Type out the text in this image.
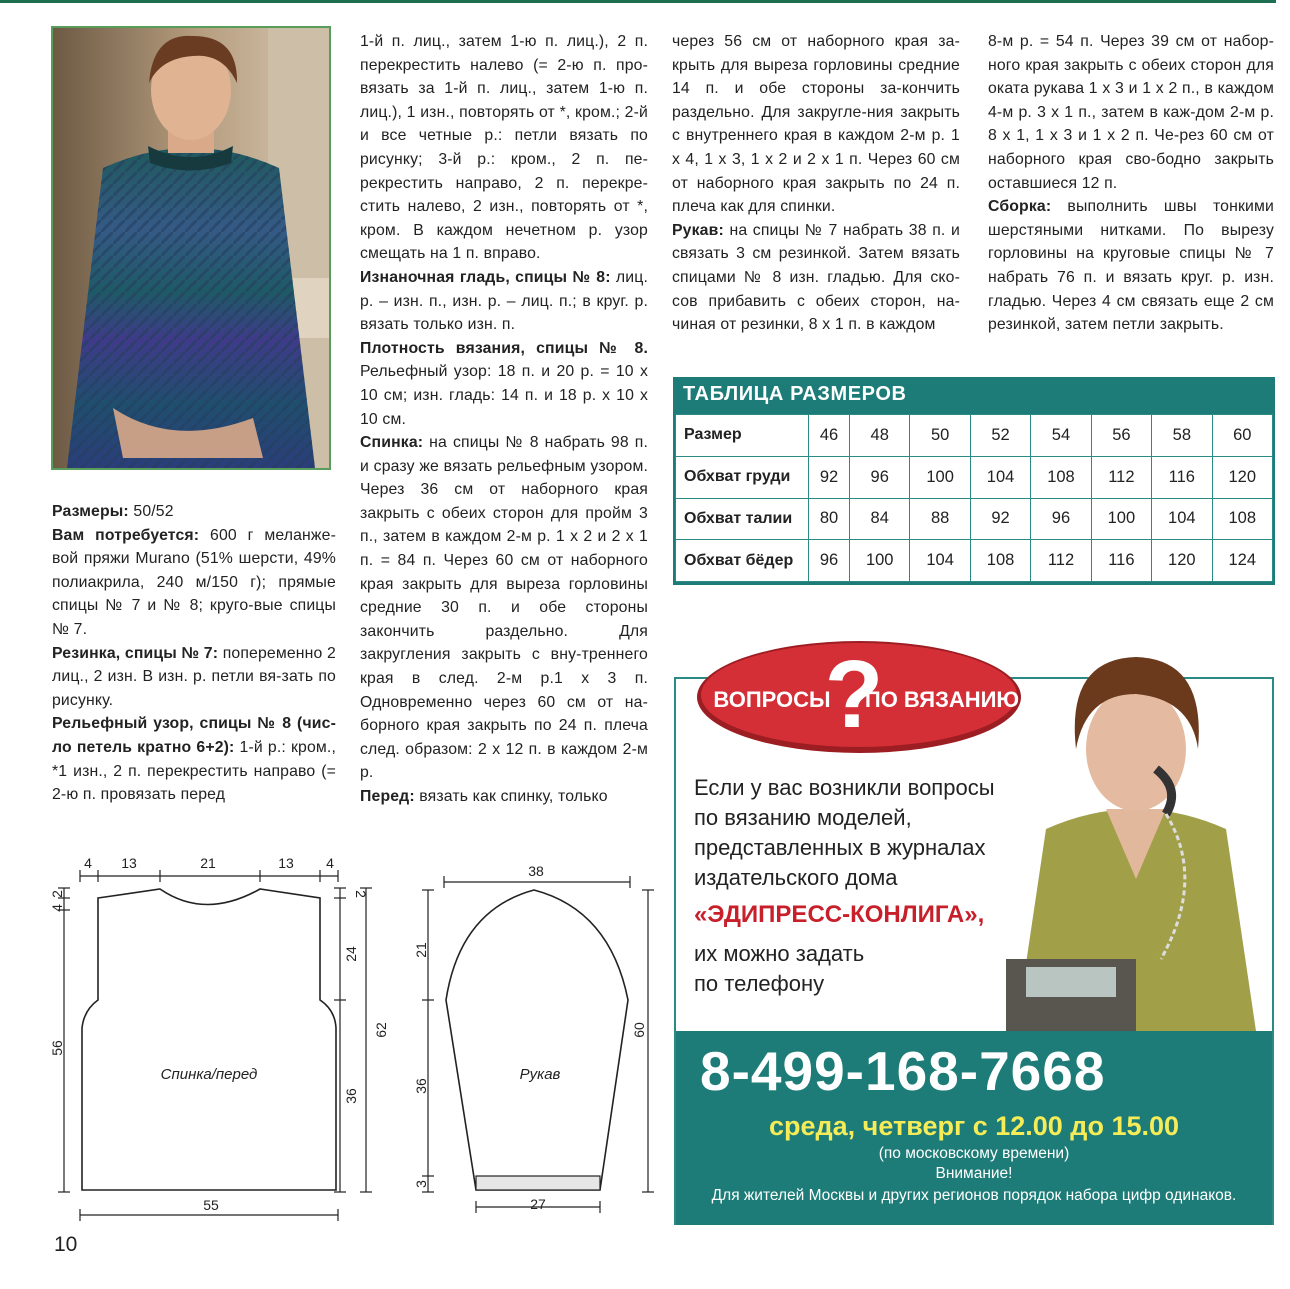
Размеры: 50/52

Вам потребуется: 600 г меланже-вой пряжи Murano (51% шерсти, 49% полиакрила, 240 м/150 г); прямые спицы № 7 и № 8; круго-вые спицы № 7.

Резинка, спицы № 7: попеременно 2 лиц., 2 изн. В изн. р. петли вя-зать по рисунку.

Рельефный узор, спицы № 8 (чис-ло петель кратно 6+2): 1-й р.: кром., *1 изн., 2 п. перекрестить направо (= 2-ю п. провязать перед

1-й п. лиц., затем 1-ю п. лиц.), 2 п. перекрестить налево (= 2-ю п. про-вязать за 1-й п. лиц., затем 1-ю п. лиц.), 1 изн., повторять от *, кром.; 2-й и все четные р.: петли вязать по рисунку; 3-й р.: кром., 2 п. пе-рекрестить направо, 2 п. перекре-стить налево, 2 изн., повторять от *, кром. В каждом нечетном р. узор смещать на 1 п. вправо.

Изнаночная гладь, спицы № 8: лиц. р. – изн. п., изн. р. – лиц. п.; в круг. р. вязать только изн. п.

Плотность вязания, спицы № 8. Рельефный узор: 18 п. и 20 р. = 10 х 10 см; изн. гладь: 14 п. и 18 р. х 10 х 10 см.

Спинка: на спицы № 8 набрать 98 п. и сразу же вязать рельефным узором. Через 36 см от наборного края закрыть с обеих сторон для пройм 3 п., затем в каждом 2-м р. 1 х 2 и 2 х 1 п. = 84 п. Через 60 см от наборного края закрыть для выреза горловины средние 30 п. и обе стороны закончить раздельно. Для закругления закрыть с вну-треннего края в след. 2-м р.1 х 3 п. Одновременно через 60 см от на-борного края закрыть по 24 п. плеча след. образом: 2 х 12 п. в каждом 2-м р.

Перед: вязать как спинку, только

через 56 см от наборного края за-крыть для выреза горловины средние 14 п. и обе стороны за-кончить раздельно. Для закругле-ния закрыть с внутреннего края в каждом 2-м р. 1 х 4, 1 х 3, 1 х 2 и 2 х 1 п. Через 60 см от наборного края закрыть по 24 п. плеча как для спинки.

Рукав: на спицы № 7 набрать 38 п. и связать 3 см резинкой. Затем вязать спицами № 8 изн. гладью. Для ско-сов прибавить с обеих сторон, на-чиная от резинки, 8 х 1 п. в каждом

8-м р. = 54 п. Через 39 см от набор-ного края закрыть с обеих сторон для оката рукава 1 х 3 и 1 х 2 п., в каждом 4-м р. 3 х 1 п., затем в каж-дом 2-м р. 8 х 1, 1 х 3 и 1 х 2 п. Че-рез 60 см от наборного края сво-бодно закрыть оставшиеся 12 п.

Сборка: выполнить швы тонкими шерстяными нитками. По вырезу горловины на круговые спицы № 7 набрать 76 п. и вязать круг. р. изн. гладью. Через 4 см связать еще 2 см резинкой, затем петли закрыть.

ТАБЛИЦА РАЗМЕРОВ
Размер	46	48	50	52	54	56	58	60
Обхват груди	92	96	100	104	108	112	116	120
Обхват талии	80	84	88	92	96	100	104	108
Обхват бёдер	96	100	104	108	112	116	120	124
4 13	21	13 4
4
2
56
2
24
36
62
55
Спинка/перед
38
21
36
3
60
27
Рукав
ВОПРОСЫ
?
ПО ВЯЗАНИЮ
Если у вас возникли вопросы
по вязанию моделей,
представленных в журналах
издательского дома
«ЭДИПРЕСС-КОНЛИГА»,
их можно задать
по телефону
8-499-168-7668
среда, четверг с 12.00 до 15.00
(по московскому времени)
Внимание!
Для жителей Москвы и других регионов порядок набора цифр одинаков.
10
